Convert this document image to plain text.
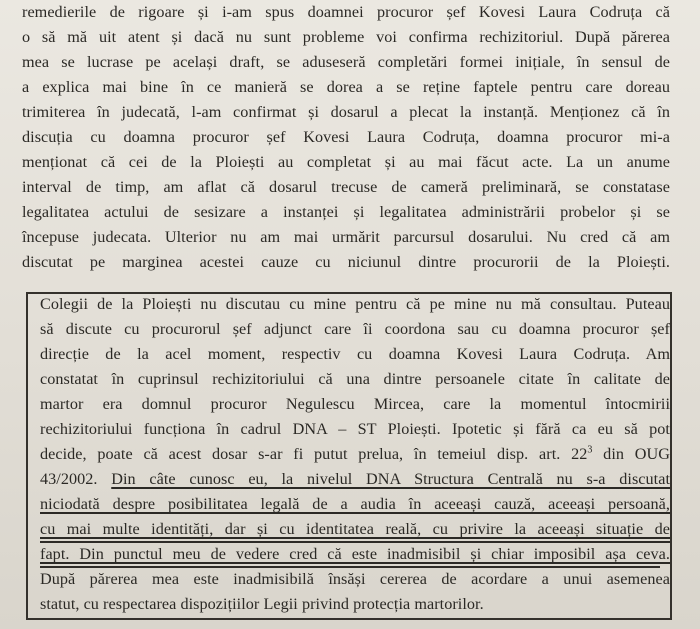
remedierile de rigoare și i-am spus doamnei procuror șef Kovesi Laura Codruța că
o să mă uit atent și dacă nu sunt probleme voi confirma rechizitoriul. După părerea
mea se lucrase pe același draft, se aduseseră completări formei inițiale, în sensul de
a explica mai bine în ce manieră se dorea a se reține faptele pentru care doreau
trimiterea în judecată, l-am confirmat și dosarul a plecat la instanță. Menționez că în
discuția cu doamna procuror șef Kovesi Laura Codruța, doamna procuror mi-a
menționat că cei de la Ploiești au completat și au mai făcut acte. La un anume
interval de timp, am aflat că dosarul trecuse de cameră preliminară, se constatase
legalitatea actului de sesizare a instanței și legalitatea administrării probelor și se
începuse judecata. Ulterior nu am mai urmărit parcursul dosarului. Nu cred că am
discutat pe marginea acestei cauze cu niciunul dintre procurorii de la Ploiești.
Colegii de la Ploiești nu discutau cu mine pentru că pe mine nu mă consultau. Puteau
să discute cu procurorul șef adjunct care îi coordona sau cu doamna procuror șef
direcție de la acel moment, respectiv cu doamna Kovesi Laura Codruța. Am
constatat în cuprinsul rechizitoriului că una dintre persoanele citate în calitate de
martor era domnul procuror Negulescu Mircea, care la momentul întocmirii
rechizitoriului funcționa în cadrul DNA – ST Ploiești. Ipotetic și fără ca eu să pot
decide, poate că acest dosar s-ar fi putut prelua, în temeiul disp. art. $22^3$ din OUG
43/2002. Din câte cunosc eu, la nivelul DNA Structura Centrală nu s-a discutat
niciodată despre posibilitatea legală de a audia în aceeași cauză, aceeași persoană,
cu mai multe identități, dar și cu identitatea reală, cu privire la aceeași situație de
fapt. Din punctul meu de vedere cred că este inadmisibil și chiar imposibil așa ceva.
După părerea mea este inadmisibilă însăși cererea de acordare a unui asemenea
statut, cu respectarea dispozițiilor Legii privind protecția martorilor.
